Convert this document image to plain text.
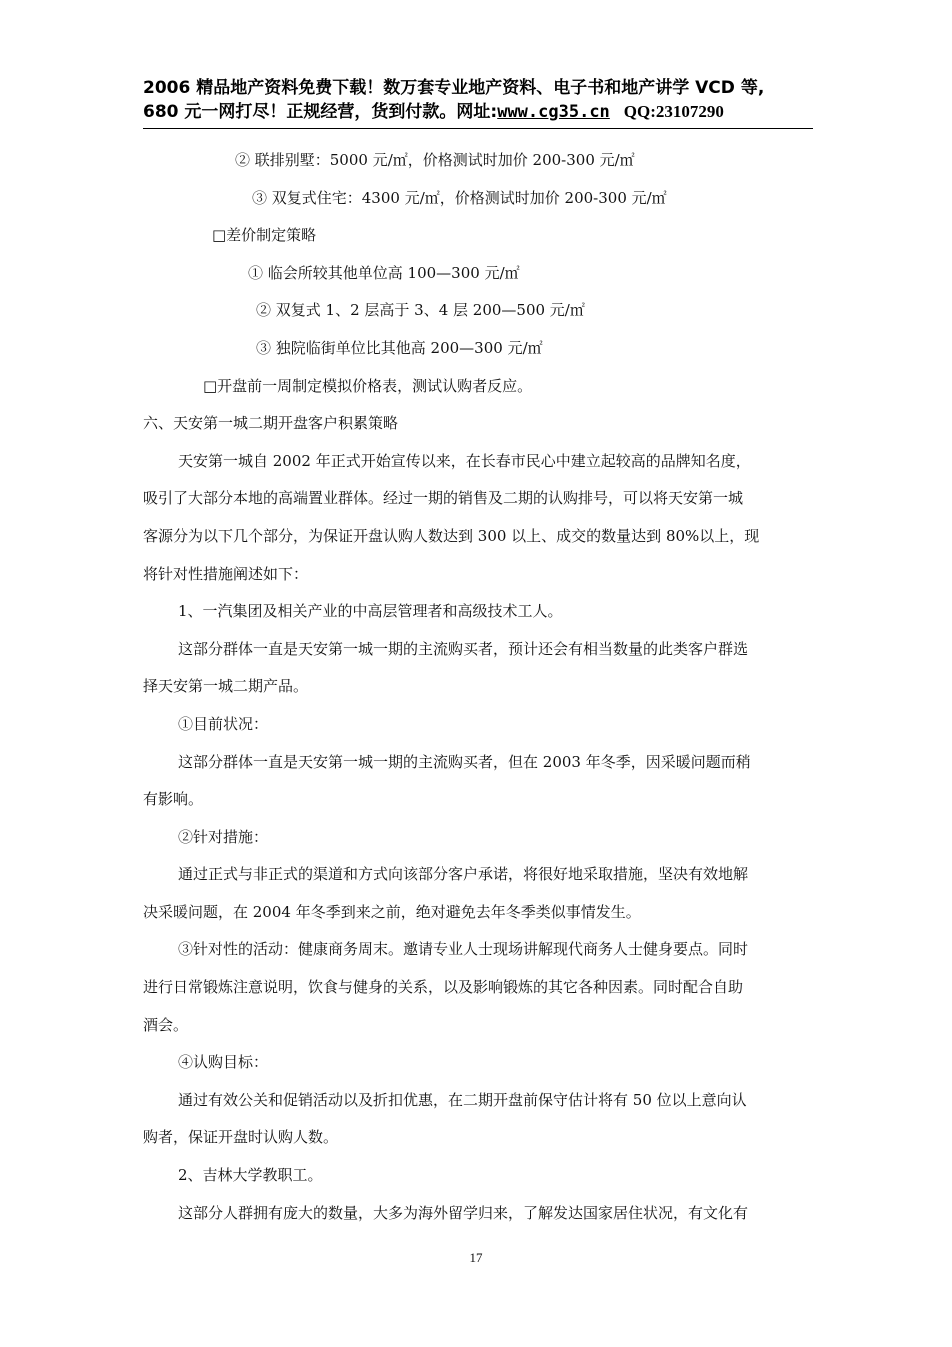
2006 精品地产资料免费下载！数万套专业地产资料、电子书和地产讲学 VCD 等,
680 元一网打尽！正规经营，货到付款。网址:www.cg35.cn QQ:23107290
② 联排别墅：5000 元/㎡，价格测试时加价 200-300 元/㎡
③ 双复式住宅：4300 元/㎡，价格测试时加价 200-300 元/㎡
□差价制定策略
① 临会所较其他单位高 100—300 元/㎡
② 双复式 1、2 层高于 3、4 层 200—500 元/㎡
③ 独院临街单位比其他高 200—300 元/㎡
□开盘前一周制定模拟价格表，测试认购者反应。
六、天安第一城二期开盘客户积累策略
天安第一城自 2002 年正式开始宣传以来，在长春市民心中建立起较高的品牌知名度，
吸引了大部分本地的高端置业群体。经过一期的销售及二期的认购排号，可以将天安第一城
客源分为以下几个部分，为保证开盘认购人数达到 300 以上、成交的数量达到 80%以上，现
将针对性措施阐述如下：
1、一汽集团及相关产业的中高层管理者和高级技术工人。
这部分群体一直是天安第一城一期的主流购买者，预计还会有相当数量的此类客户群选
择天安第一城二期产品。
①目前状况：
这部分群体一直是天安第一城一期的主流购买者，但在 2003 年冬季，因采暖问题而稍
有影响。
②针对措施：
通过正式与非正式的渠道和方式向该部分客户承诺，将很好地采取措施，坚决有效地解
决采暖问题，在 2004 年冬季到来之前，绝对避免去年冬季类似事情发生。
③针对性的活动：健康商务周末。邀请专业人士现场讲解现代商务人士健身要点。同时
进行日常锻炼注意说明，饮食与健身的关系，以及影响锻炼的其它各种因素。同时配合自助
酒会。
④认购目标：
通过有效公关和促销活动以及折扣优惠，在二期开盘前保守估计将有 50 位以上意向认
购者，保证开盘时认购人数。
2、吉林大学教职工。
这部分人群拥有庞大的数量，大多为海外留学归来，了解发达国家居住状况，有文化有
17
